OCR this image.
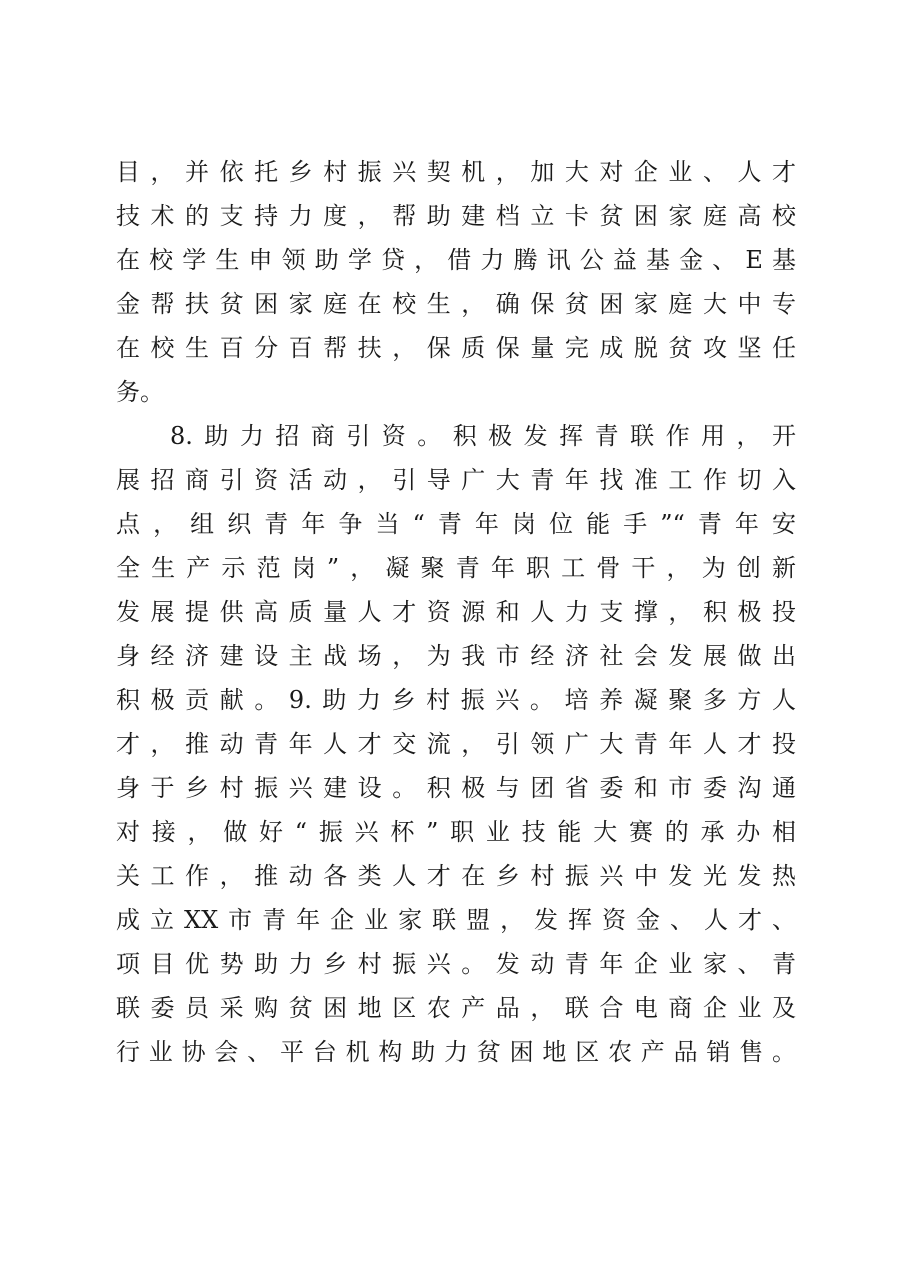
目，并依托乡村振兴契机，加大对企业、人才
技术的支持力度，帮助建档立卡贫困家庭高校
在校学生申领助学贷，借力腾讯公益基金、E基
金帮扶贫困家庭在校生，确保贫困家庭大中专
在校生百分百帮扶，保质保量完成脱贫攻坚任
务。
8.助力招商引资。积极发挥青联作用，开
展招商引资活动，引导广大青年找准工作切入
点，组织青年争当“青年岗位能手”“青年安
全生产示范岗”，凝聚青年职工骨干，为创新
发展提供高质量人才资源和人力支撑，积极投
身经济建设主战场，为我市经济社会发展做出
积极贡献。9.助力乡村振兴。培养凝聚多方人
才，推动青年人才交流，引领广大青年人才投
身于乡村振兴建设。积极与团省委和市委沟通
对接，做好“振兴杯”职业技能大赛的承办相
关工作，推动各类人才在乡村振兴中发光发热
成立XX市青年企业家联盟，发挥资金、人才、
项目优势助力乡村振兴。发动青年企业家、青
联委员采购贫困地区农产品，联合电商企业及
行业协会、平台机构助力贫困地区农产品销售。
